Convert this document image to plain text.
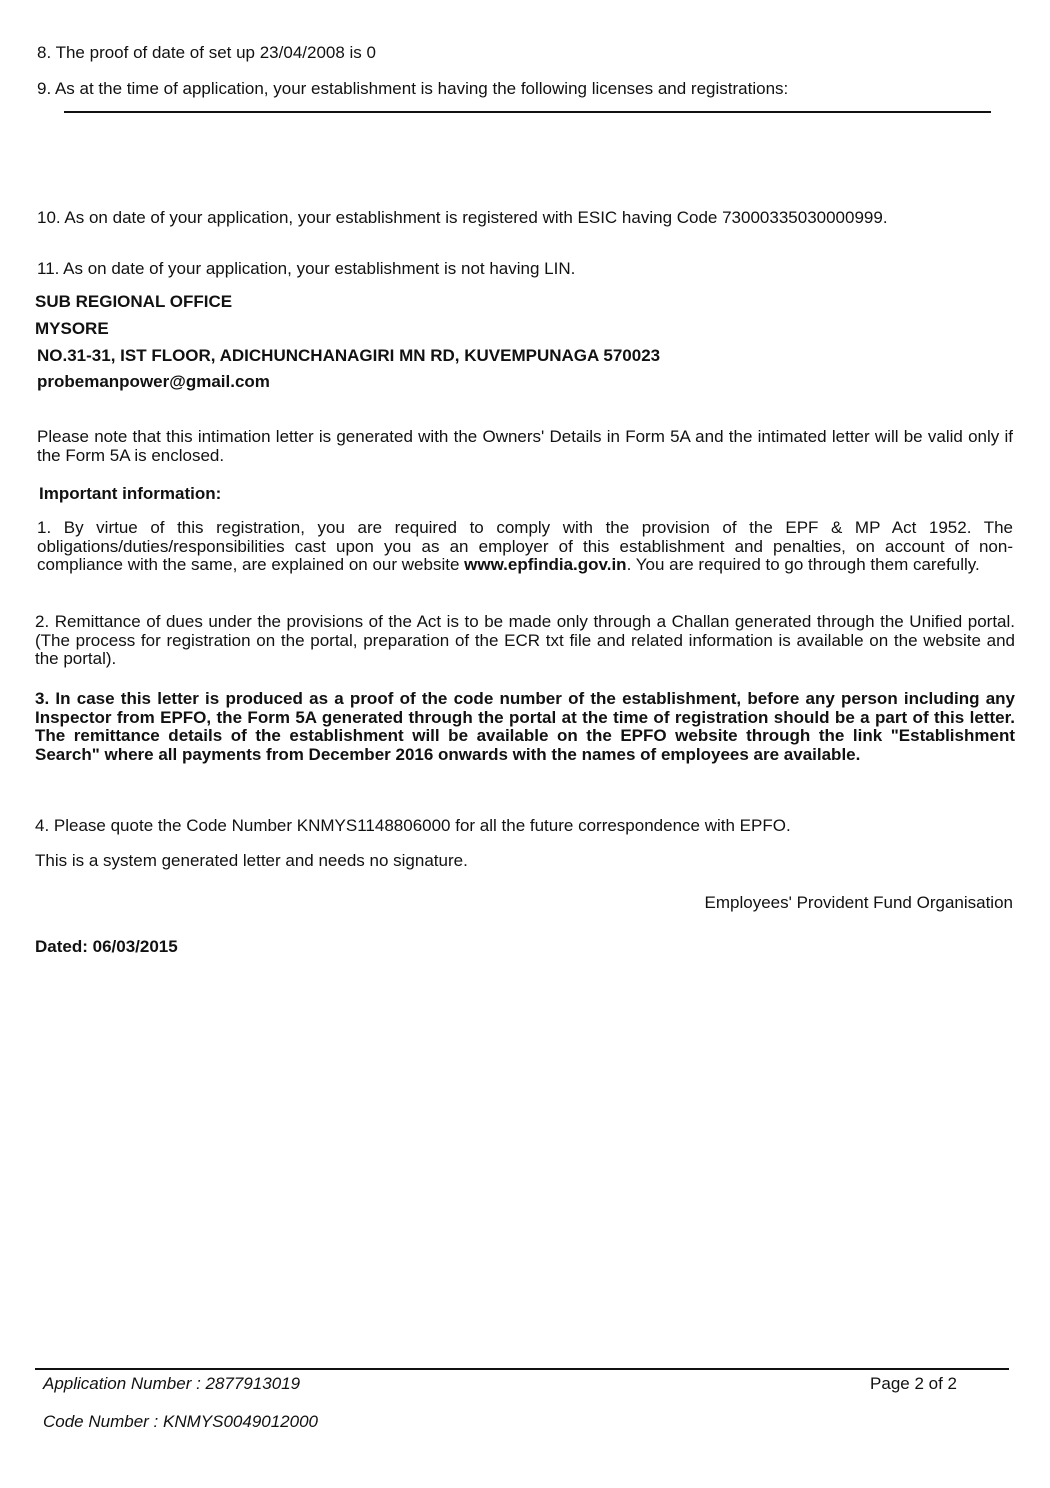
8. The proof of date of set up 23/04/2008 is 0
9. As at the time of application, your establishment is having the following licenses and registrations:
10. As on date of your application, your establishment is registered with ESIC having Code 73000335030000999.
11. As on date of your application, your establishment is not having LIN.
SUB REGIONAL OFFICE
MYSORE
NO.31-31, IST FLOOR, ADICHUNCHANAGIRI MN RD, KUVEMPUNAGA 570023
probemanpower@gmail.com
Please note that this intimation letter is generated with the Owners' Details in Form 5A and the intimated letter will be valid only if the Form 5A is enclosed.
Important information:
1. By virtue of this registration, you are required to comply with the provision of the EPF & MP Act 1952. The obligations/duties/responsibilities cast upon you as an employer of this establishment and penalties, on account of non-compliance with the same, are explained on our website www.epfindia.gov.in. You are required to go through them carefully.
2. Remittance of dues under the provisions of the Act is to be made only through a Challan generated through the Unified portal. (The process for registration on the portal, preparation of the ECR txt file and related information is available on the website and the portal).
3. In case this letter is produced as a proof of the code number of the establishment, before any person including any Inspector from EPFO, the Form 5A generated through the portal at the time of registration should be a part of this letter. The remittance details of the establishment will be available on the EPFO website through the link "Establishment Search" where all payments from December 2016 onwards with the names of employees are available.
4. Please quote the Code Number KNMYS1148806000 for all the future correspondence with EPFO.
This is a system generated letter and needs no signature.
Employees' Provident Fund Organisation
Dated: 06/03/2015
Application Number : 2877913019	Page 2 of 2
Code Number : KNMYS0049012000
